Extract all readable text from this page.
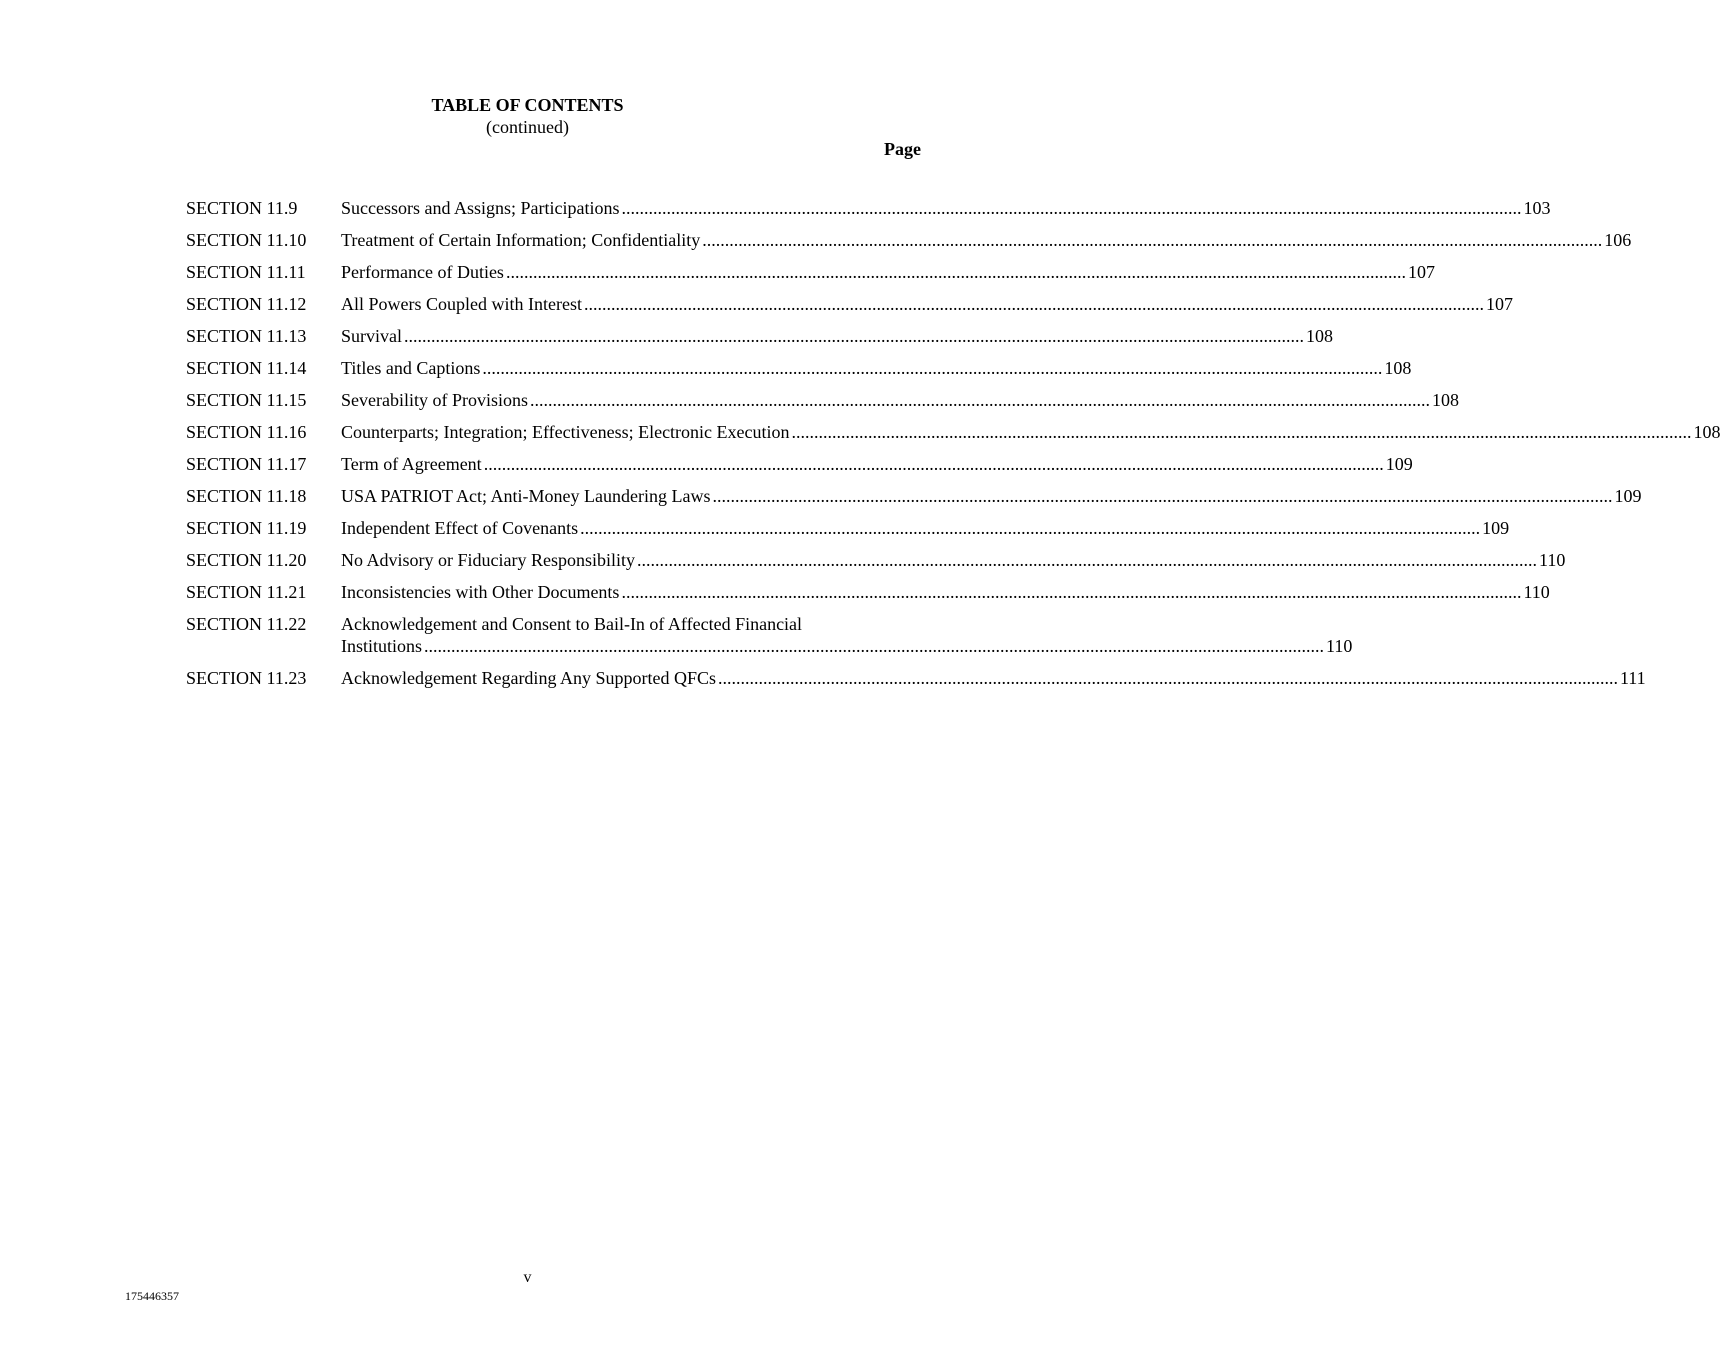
TABLE OF CONTENTS
(continued)
Page
SECTION 11.9	Successors and Assigns; Participations .....	103
SECTION 11.10	Treatment of Certain Information; Confidentiality .....	106
SECTION 11.11	Performance of Duties .....	107
SECTION 11.12	All Powers Coupled with Interest .....	107
SECTION 11.13	Survival .....	108
SECTION 11.14	Titles and Captions .....	108
SECTION 11.15	Severability of Provisions .....	108
SECTION 11.16	Counterparts; Integration; Effectiveness; Electronic Execution .....	108
SECTION 11.17	Term of Agreement .....	109
SECTION 11.18	USA PATRIOT Act; Anti-Money Laundering Laws .....	109
SECTION 11.19	Independent Effect of Covenants .....	109
SECTION 11.20	No Advisory or Fiduciary Responsibility .....	110
SECTION 11.21	Inconsistencies with Other Documents .....	110
SECTION 11.22	Acknowledgement and Consent to Bail-In of Affected Financial
Institutions .....	110
SECTION 11.23	Acknowledgement Regarding Any Supported QFCs .....	111
v
175446357
